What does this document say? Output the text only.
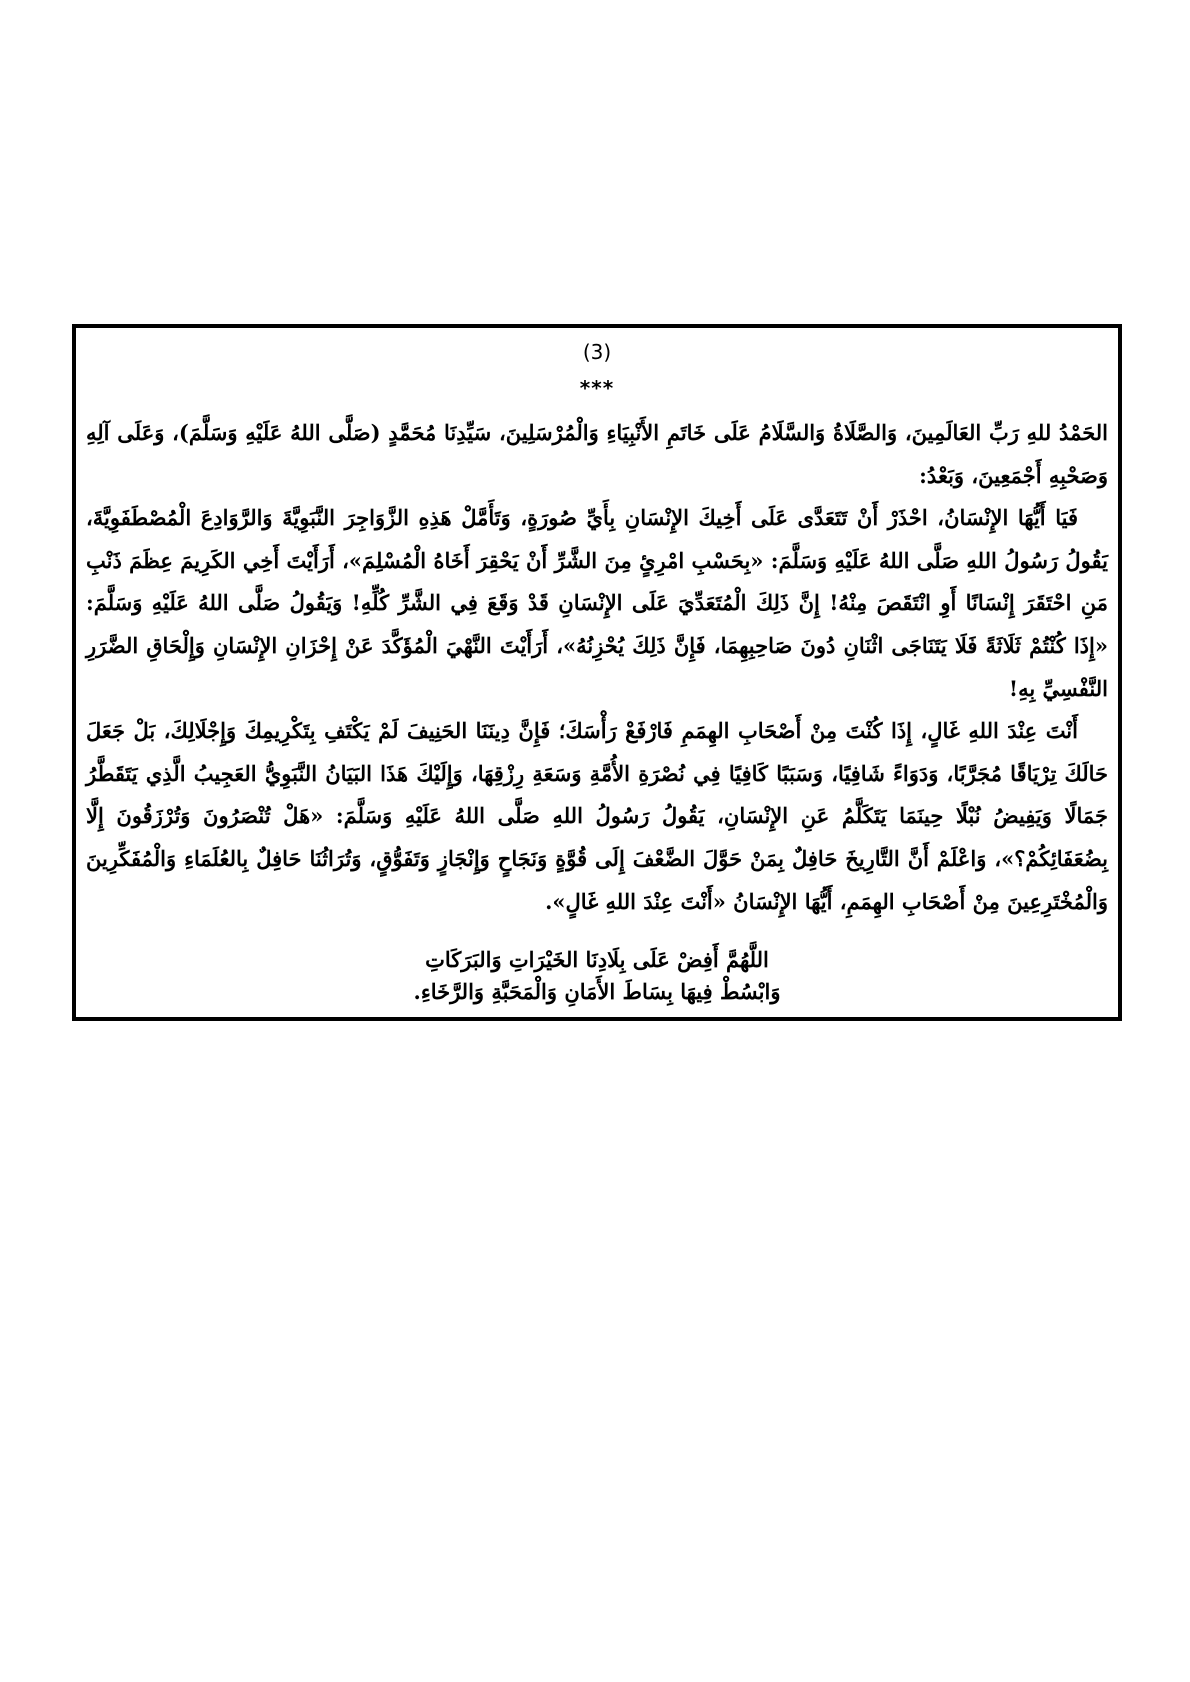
(3)
***

الحَمْدُ للهِ رَبِّ العَالَمِينَ، وَالصَّلَاةُ وَالسَّلَامُ عَلَى خَاتَمِ الأَنْبِيَاءِ وَالْمُرْسَلِينَ، سَيِّدِنَا مُحَمَّدٍ (صَلَّى اللهُ عَلَيْهِ وَسَلَّمَ)، وَعَلَى آلِهِ وَصَحْبِهِ أَجْمَعِينَ، وَبَعْدُ:

فَيَا أَيُّهَا الإِنْسَانُ، احْذَرْ أَنْ تَتَعَدَّى عَلَى أَخِيكَ الإِنْسَانِ بِأَيِّ صُورَةٍ، وَتَأَمَّلْ هَذِهِ الزَّوَاجِرَ النَّبَوِيَّةَ وَالرَّوَادِعَ الْمُصْطَفَوِيَّةَ، يَقُولُ رَسُولُ اللهِ صَلَّى اللهُ عَلَيْهِ وَسَلَّمَ: «بِحَسْبِ امْرِئٍ مِنَ الشَّرِّ أَنْ يَحْقِرَ أَخَاهُ الْمُسْلِمَ»، أَرَأَيْتَ أَخِي الكَرِيمَ عِظَمَ ذَنْبِ مَنِ احْتَقَرَ إِنْسَانًا أَوِ انْتَقَصَ مِنْهُ! إِنَّ ذَلِكَ الْمُتَعَدِّيَ عَلَى الإِنْسَانِ قَدْ وَقَعَ فِي الشَّرِّ كُلِّهِ! وَيَقُولُ صَلَّى اللهُ عَلَيْهِ وَسَلَّمَ: «إِذَا كُنْتُمْ ثَلَاثَةً فَلَا يَتَنَاجَى اثْنَانِ دُونَ صَاحِبِهِمَا، فَإِنَّ ذَلِكَ يُحْزِنُهُ»، أَرَأَيْتَ النَّهْيَ الْمُؤَكَّدَ عَنْ إِحْزَانِ الإِنْسَانِ وَإِلْحَاقِ الضَّرَرِ النَّفْسِيِّ بِهِ!

أَنْتَ عِنْدَ اللهِ غَالٍ، إِذَا كُنْتَ مِنْ أَصْحَابِ الهِمَمِ فَارْفَعْ رَأْسَكَ؛ فَإِنَّ دِينَنَا الحَنِيفَ لَمْ يَكْتَفِ بِتَكْرِيمِكَ وَإِجْلَالِكَ، بَلْ جَعَلَ حَالَكَ تِرْيَاقًا مُجَرَّبًا، وَدَوَاءً شَافِيًا، وَسَبَبًا كَافِيًا فِي نُصْرَةِ الأُمَّةِ وَسَعَةِ رِزْقِهَا، وَإِلَيْكَ هَذَا البَيَانُ النَّبَوِيُّ العَجِيبُ الَّذِي يَتَقَطَّرُ جَمَالًا وَيَفِيضُ نُبْلًا حِينَمَا يَتَكَلَّمُ عَنِ الإِنْسَانِ، يَقُولُ رَسُولُ اللهِ صَلَّى اللهُ عَلَيْهِ وَسَلَّمَ: «هَلْ تُنْصَرُونَ وَتُرْزَقُونَ إِلَّا بِضُعَفَائِكُمْ؟»، وَاعْلَمْ أَنَّ التَّارِيخَ حَافِلٌ بِمَنْ حَوَّلَ الضَّعْفَ إِلَى قُوَّةٍ وَنَجَاحٍ وَإِنْجَازٍ وَتَفَوُّقٍ، وَتُرَاثُنَا حَافِلٌ بِالعُلَمَاءِ وَالْمُفَكِّرِينَ وَالْمُخْتَرِعِينَ مِنْ أَصْحَابِ الهِمَمِ، أَيُّهَا الإِنْسَانُ «أَنْتَ عِنْدَ اللهِ غَالٍ».

اللَّهُمَّ أَفِضْ عَلَى بِلَادِنَا الخَيْرَاتِ وَالبَرَكَاتِ

وَابْسُطْ فِيهَا بِسَاطَ الأَمَانِ وَالْمَحَبَّةِ وَالرَّخَاءِ.
